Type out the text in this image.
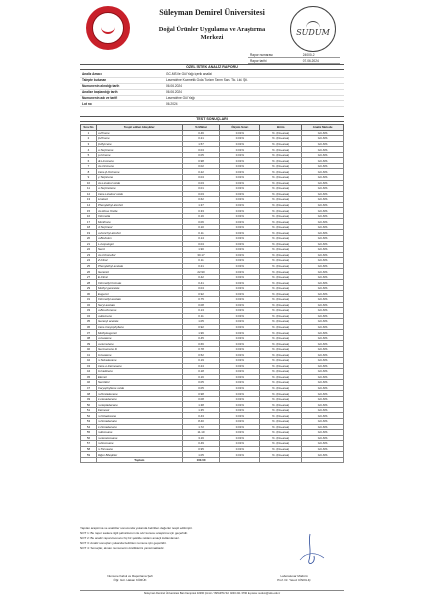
Süleyman Demirel Üniversitesi
Doğal Ürünler Uygulama ve Araştırma
Merkezi
SUDUM
Rapor numarası	24000-2
Rapor tarihi	07.06.2024
ÖZEL İSTEK ANALİZ RAPORU
Analiz Amacı	GC-MS ile Gül Yağı içerik analizi
Talepte bulunan	Lavendrine Kozmetik Gıda Turizm Tarım San. Tic. Ltd. Şti.
Numunenin alındığı tarih	06.06.2024
Analize başlandığı tarih	06.06.2024
Numunenin adı ve tarifi	Lavendrine Gül Yağı
Lot no	06.2024
TEST SONUÇLARI
Sıra No	Tespit edilen bileşikler	% Miktar	Ölçüm Sınırı	Birim	Analiz Metodu
1	α-Pinene	0.46	0.01%	%. (FA+area)	GC-MS
2	β-Pinene	0.21	0.01%	%. (FA+area)	GC-MS
3	β-Myrcene	1.57	0.01%	%. (FA+area)	GC-MS
4	α-Terpinene	0.04	0.01%	%. (FA+area)	GC-MS
5	p-Cimene	0.05	0.01%	%. (FA+area)	GC-MS
6	dl-Limonene	0.98	0.01%	%. (FA+area)	GC-MS
7	cis-Ocimene	0.02	0.01%	%. (FA+area)	GC-MS
8	trans-β-Ocimene	0.22	0.01%	%. (FA+area)	GC-MS
9	γ-Terpinene	0.04	0.01%	%. (FA+area)	GC-MS
10	cis-Linalool oxide	0.03	0.01%	%. (FA+area)	GC-MS
11	α-Terpinolene	0.01	0.01%	%. (FA+area)	GC-MS
12	trans-Linalool oxide	0.03	0.01%	%. (FA+area)	GC-MS
13	Linalool	0.62	0.01%	%. (FA+area)	GC-MS
14	Phenylethyl alcohol	1.37	0.01%	%. (FA+area)	GC-MS
15	cis-Rose Oxide	0.33	0.01%	%. (FA+area)	GC-MS
16	Citronella	0.16	0.01%	%. (FA+area)	GC-MS
17	Menthone	0.06	0.01%	%. (FA+area)	GC-MS
18	4-Terpineol	0.10	0.01%	%. (FA+area)	GC-MS
19	α-Fenchyl alcohol	0.11	0.01%	%. (FA+area)	GC-MS
20	α-Bisbolen	0.14	0.01%	%. (FA+area)	GC-MS
21	L-Isopulegol	0.04	0.01%	%. (FA+area)	GC-MS
22	Nerol	1.90	0.01%	%. (FA+area)	GC-MS
23	cis-Citronellol	30.17	0.01%	%. (FA+area)	GC-MS
24	Z-Citral	0.11	0.01%	%. (FA+area)	GC-MS
25	Phenylethyl acetate	0.21	0.01%	%. (FA+area)	GC-MS
26	Geraniol	22.90	0.01%	%. (FA+area)	GC-MS
27	E-Citral	0.42	0.01%	%. (FA+area)	GC-MS
28	Citronellyl formate	0.41	0.01%	%. (FA+area)	GC-MS
29	Methyl geraniate	0.04	0.01%	%. (FA+area)	GC-MS
30	Eugenol	0.92	0.01%	%. (FA+area)	GC-MS
31	Citronellyl acetate	0.75	0.01%	%. (FA+area)	GC-MS
32	Neryl acetate	0.08	0.01%	%. (FA+area)	GC-MS
33	α-Bourbonene	0.13	0.01%	%. (FA+area)	GC-MS
34	α-Elemene	0.11	0.01%	%. (FA+area)	GC-MS
35	Geranyl acetate	1.05	0.01%	%. (FA+area)	GC-MS
36	trans-Caryophyllene	0.92	0.01%	%. (FA+area)	GC-MS
37	Methyleugenol	1.96	0.01%	%. (FA+area)	GC-MS
38	α-Guaiene	0.45	0.01%	%. (FA+area)	GC-MS
39	α-Humulene	0.66	0.01%	%. (FA+area)	GC-MS
40	Germacrene D	0.78	0.01%	%. (FA+area)	GC-MS
41	δ-Guaiene	0.52	0.01%	%. (FA+area)	GC-MS
42	n-Tetradecane	0.19	0.01%	%. (FA+area)	GC-MS
43	trans-α-Farnesene	0.24	0.01%	%. (FA+area)	GC-MS
44	δ-Cadinene	0.18	0.01%	%. (FA+area)	GC-MS
45	Elemol	0.16	0.01%	%. (FA+area)	GC-MS
46	Nerolidol	0.05	0.01%	%. (FA+area)	GC-MS
47	Caryophyllene oxide	0.05	0.01%	%. (FA+area)	GC-MS
48	n-Pentadecane	0.98	0.01%	%. (FA+area)	GC-MS
49	1-Hexadecene	0.08	0.01%	%. (FA+area)	GC-MS
50	n-Heptadecane	1.38	0.01%	%. (FA+area)	GC-MS
51	Farnesol	1.35	0.01%	%. (FA+area)	GC-MS
52	n-Octadecane	0.43	0.01%	%. (FA+area)	GC-MS
53	n-Nonadecane	8.40	0.01%	%. (FA+area)	GC-MS
54	1-Nonadecene	1.72	0.01%	%. (FA+area)	GC-MS
55	n-Eicosane	11.10	0.01%	%. (FA+area)	GC-MS
56	n-Heneicosane	3.16	0.01%	%. (FA+area)	GC-MS
57	n-Docosane	0.49	0.01%	%. (FA+area)	GC-MS
58	n-Tricosane	0.95	0.01%	%. (FA+area)	GC-MS
59	Diğer Bileşikler	1.05	0.01%	%. (FA+area)	GC-MS
	Toplam	100.00			
Yapılan araştırma ve analizler sonucunda yukarıda belirtilen değerler tespit edilmiştir.
NOT 1: Bu rapor sadece ilgili şahıs/kurum ile söz konusu araştırma için geçerlidir.
NOT 2: Bu analiz raporu/sonucu hiç bir şekilde reklam amaçlı kullanılamaz.
NOT 3: Analiz sonuçları yukarıda belirtilen numune için geçerlidir.
NOT 4: Sonuçlar, alınan numunenin özelliklerini yansıtmaktadır.
Numune Kabul ve Raporlama Şefi
Öğr. Gör. Hakan KÜRÜK
Laboratuvar Müdürü
Prof. Dr. Yavuz CİNKILIÇ
Süleyman Demirel Üniversitesi Batı Kampüsü 32260 Çünür / ISPARTA Tel: 0246 211 3790 E-posta: sudum@sdu.edu.tr
